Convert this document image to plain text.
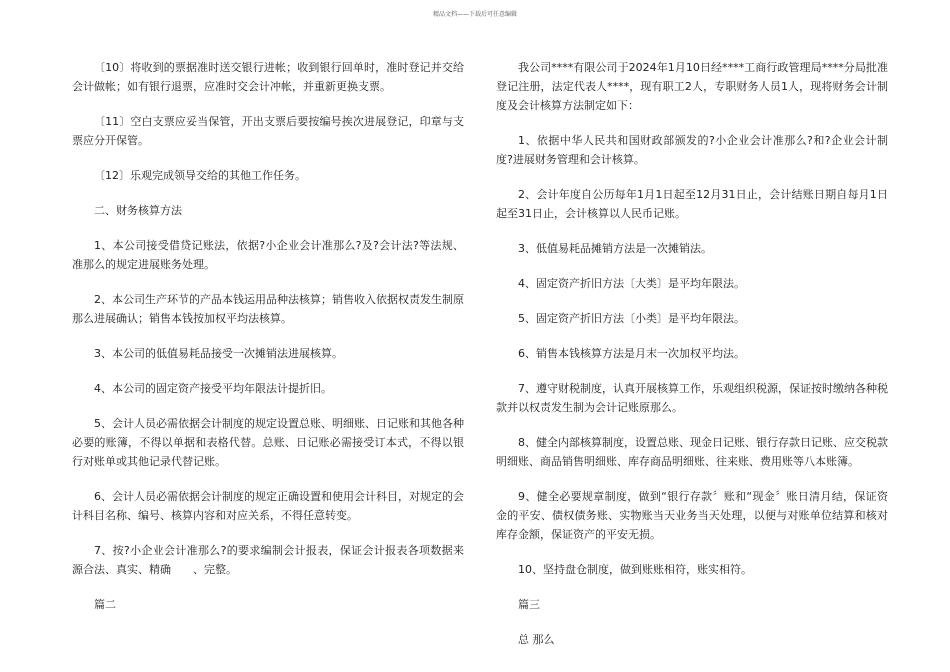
精品文档——下载后可任意编辑

〔10〕将收到的票据准时送交银行进帐；收到银行回单时，准时登记并交给会计做帐；如有银行退票，应准时交会计冲帐，并重新更换支票。

〔11〕空白支票应妥当保管，开出支票后要按编号挨次进展登记，印章与支票应分开保管。

〔12〕乐观完成领导交给的其他工作任务。

二、财务核算方法

1、本公司接受借贷记账法，依据?小企业会计准那么?及?会计法?等法规、准那么的规定进展账务处理。

2、本公司生产环节的产品本钱运用品种法核算；销售收入依据权责发生制原那么进展确认；销售本钱按加权平均法核算。

3、本公司的低值易耗品接受一次摊销法进展核算。

4、本公司的固定资产接受平均年限法计提折旧。

5、会计人员必需依据会计制度的规定设置总账、明细账、日记账和其他各种必要的账簿，不得以单据和表格代替。总账、日记账必需接受订本式，不得以银行对账单或其他记录代替记账。

6、会计人员必需依据会计制度的规定正确设置和使用会计科目，对规定的会计科目名称、编号、核算内容和对应关系，不得任意转变。

7、按?小企业会计准那么?的要求编制会计报表，保证会计报表各项数据来源合法、真实、精确　　、完整。

篇二

我公司****有限公司于2024年1月10日经****工商行政管理局****分局批准登记注册，法定代表人****，现有职工2人，专职财务人员1人，现将财务会计制度及会计核算方法制定如下：

1、依据中华人民共和国财政部颁发的?小企业会计准那么?和?企业会计制度?进展财务管理和会计核算。

2、会计年度自公历每年1月1日起至12月31日止，会计结账日期自每月1日起至31日止，会计核算以人民币记账。

3、低值易耗品摊销方法是一次摊销法。

4、固定资产折旧方法〔大类〕是平均年限法。

5、固定资产折旧方法〔小类〕是平均年限法。

6、销售本钱核算方法是月末一次加权平均法。

7、遵守财税制度，认真开展核算工作，乐观组织税源，保证按时缴纳各种税款并以权责发生制为会计记账原那么。

8、健全内部核算制度，设置总账、现金日记账、银行存款日记账、应交税款明细账、商品销售明细账、库存商品明细账、往来账、费用账等八本账簿。

9、健全必要规章制度，做到“银行存款〞账和“现金〞账日清月结，保证资金的平安、债权债务账、实物账当天业务当天处理，以便与对账单位结算和核对库存金额，保证资产的平安无损。

10、坚持盘仓制度，做到账账相符，账实相符。

篇三

总 那么
